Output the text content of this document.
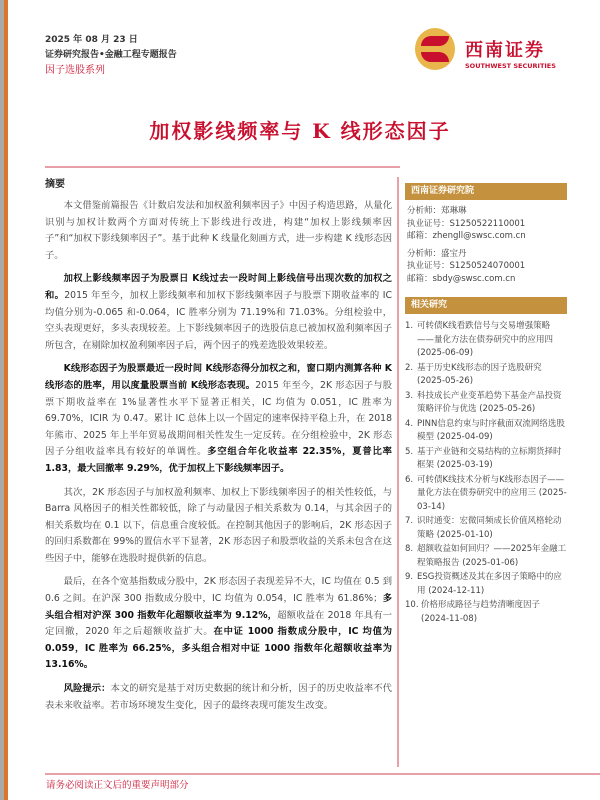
2025 年 08 月 23 日
证券研究报告•金融工程专题报告
因子选股系列
西南证券
SOUTHWEST SECURITIES
加权影线频率与 K 线形态因子
摘要

本文借鉴前篇报告《计数启发法和加权盈利频率因子》中因子构造思路，从量化识别与加权计数两个方面对传统上下影线进行改进，构建“加权上影线频率因子”和“加权下影线频率因子”。基于此种 K 线量化刻画方式，进一步构建 K 线形态因子。

加权上影线频率因子为股票日 K线过去一段时间上影线信号出现次数的加权之和。2015 年至今，加权上影线频率和加权下影线频率因子与股票下期收益率的 IC 均值分别为-0.065 和-0.064，IC 胜率分别为 71.19%和 71.03%。分组检验中，空头表现更好，多头表现较差。上下影线频率因子的选股信息已被加权盈利频率因子所包含，在剔除加权盈利频率因子后，两个因子的残差选股效果较差。

K线形态因子为股票最近一段时间 K线形态得分加权之和，窗口期内测算各种 K线形态的胜率，用以度量股票当前 K线形态表现。2015 年至今，2K 形态因子与股票下期收益率在 1%显著性水平下显著正相关，IC 均值为 0.051，IC 胜率为 69.70%，ICIR 为 0.47。累计 IC 总体上以一个固定的速率保持平稳上升，在 2018 年熊市、2025 年上半年贸易战期间相关性发生一定反转。在分组检验中，2K 形态因子分组收益率具有较好的单调性。多空组合年化收益率 22.35%，夏普比率 1.83，最大回撤率 9.29%，优于加权上下影线频率因子。

其次，2K 形态因子与加权盈利频率、加权上下影线频率因子的相关性较低，与 Barra 风格因子的相关性都较低，除了与动量因子相关系数为 0.14，与其余因子的相关系数均在 0.1 以下，信息重合度较低。在控制其他因子的影响后，2K 形态因子的回归系数都在 99%的置信水平下显著，2K 形态因子和股票收益的关系未包含在这些因子中，能够在选股时提供新的信息。

最后，在各个宽基指数成分股中，2K 形态因子表现差异不大，IC 均值在 0.5 到 0.6 之间。在沪深 300 指数成分股中，IC 均值为 0.054，IC 胜率为 61.86%；多头组合相对沪深 300 指数年化超额收益率为 9.12%，超额收益在 2018 年具有一定回撤，2020 年之后超额收益扩大。在中证 1000 指数成分股中，IC 均值为 0.059，IC 胜率为 66.25%，多头组合相对中证 1000 指数年化超额收益率为 13.16%。

风险提示：本文的研究是基于对历史数据的统计和分析，因子的历史收益率不代表未来收益率。若市场环境发生变化，因子的最终表现可能发生改变。

西南证券研究院
分析师：郑琳琳
执业证号：S1250522110001
邮箱：zhengll@swsc.com.cn
分析师：盛宝丹
执业证号：S1250524070001
邮箱：sbdy@swsc.com.cn
相关研究
1. 可转债K线看跌信号与交易增强策略——量化方法在债券研究中的应用四 (2025-06-09)
2. 基于历史K线形态的因子选股研究 (2025-05-26)
3. 科技成长产业变革趋势下基金产品投资策略评价与优选 (2025-05-26)
4. PINN信息约束与时序截面双流网络选股模型 (2025-04-09)
5. 基于产业链和交易结构的立标期货择时框架 (2025-03-19)
6. 可转债K线技术分析与K线形态因子——量化方法在债券研究中的应用三 (2025-03-14)
7. 识时通变：宏微同频成长价值风格轮动策略 (2025-01-10)
8. 超额收益如何回归？——2025年金融工程策略报告 (2025-01-06)
9. ESG投资概述及其在多因子策略中的应用 (2024-12-11)
10. 价格形成路径与趋势清晰度因子 (2024-11-08)
请务必阅读正文后的重要声明部分
